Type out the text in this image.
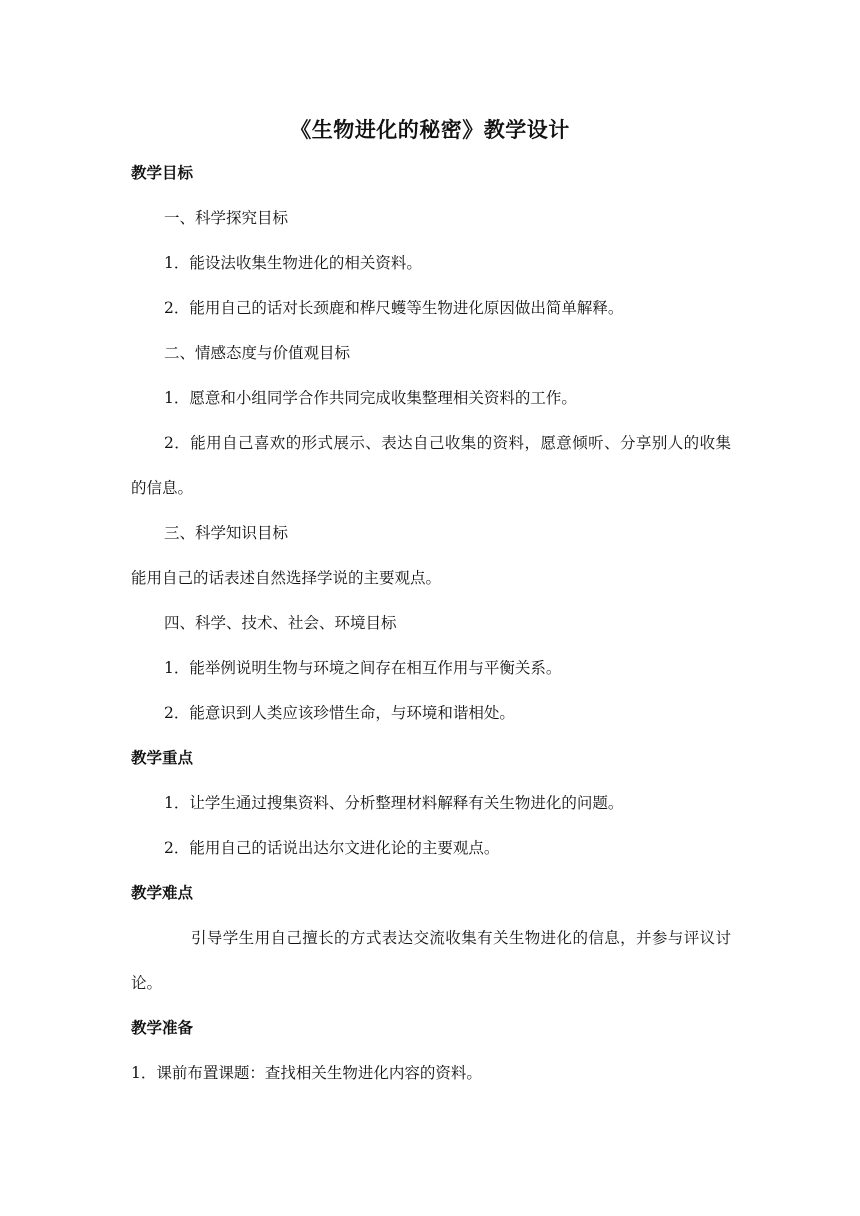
《生物进化的秘密》教学设计
教学目标
一、科学探究目标
1．能设法收集生物进化的相关资料。
2．能用自己的话对长颈鹿和桦尺蠖等生物进化原因做出简单解释。
二、情感态度与价值观目标
1．愿意和小组同学合作共同完成收集整理相关资料的工作。
2．能用自己喜欢的形式展示、表达自己收集的资料，愿意倾听、分享别人的收集的信息。
三、科学知识目标
能用自己的话表述自然选择学说的主要观点。
四、科学、技术、社会、环境目标
1．能举例说明生物与环境之间存在相互作用与平衡关系。
2．能意识到人类应该珍惜生命，与环境和谐相处。
教学重点
1．让学生通过搜集资料、分析整理材料解释有关生物进化的问题。
2．能用自己的话说出达尔文进化论的主要观点。
教学难点
引导学生用自己擅长的方式表达交流收集有关生物进化的信息，并参与评议讨论。
教学准备
1．课前布置课题：查找相关生物进化内容的资料。
